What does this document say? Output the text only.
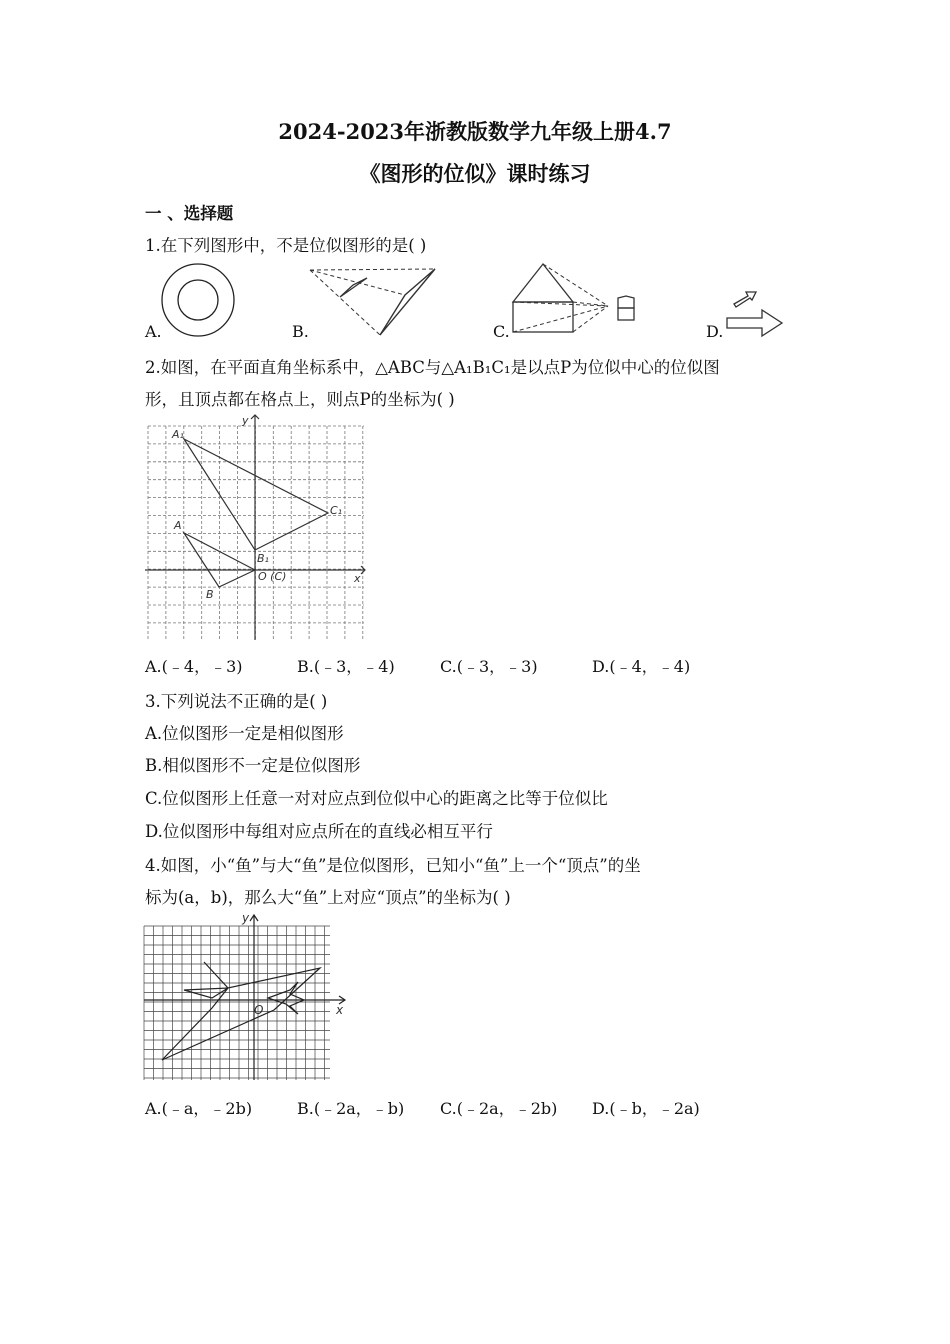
2024-2023年浙教版数学九年级上册4.7
《图形的位似》课时练习
一 、选择题
1.在下列图形中，不是位似图形的是( )
A.	B.	C.	D.
2.如图，在平面直角坐标系中，△ABC与△A₁B₁C₁是以点P为位似中心的位似图
形，且顶点都在格点上，则点P的坐标为( )
y
x
A₁
C₁
A
B₁
B
O (C)
A.(﹣4，﹣3)	B.(﹣3，﹣4)	C.(﹣3，﹣3)	D.(﹣4，﹣4)
3.下列说法不正确的是( )
A.位似图形一定是相似图形
B.相似图形不一定是位似图形
C.位似图形上任意一对对应点到位似中心的距离之比等于位似比
D.位似图形中每组对应点所在的直线必相互平行
4.如图，小“鱼”与大“鱼”是位似图形，已知小“鱼”上一个“顶点”的坐
标为(a，b)，那么大“鱼”上对应“顶点”的坐标为( )
y
x
O
A.(﹣a，﹣2b)	B.(﹣2a，﹣b) C.(﹣2a，﹣2b) D.(﹣b，﹣2a)
